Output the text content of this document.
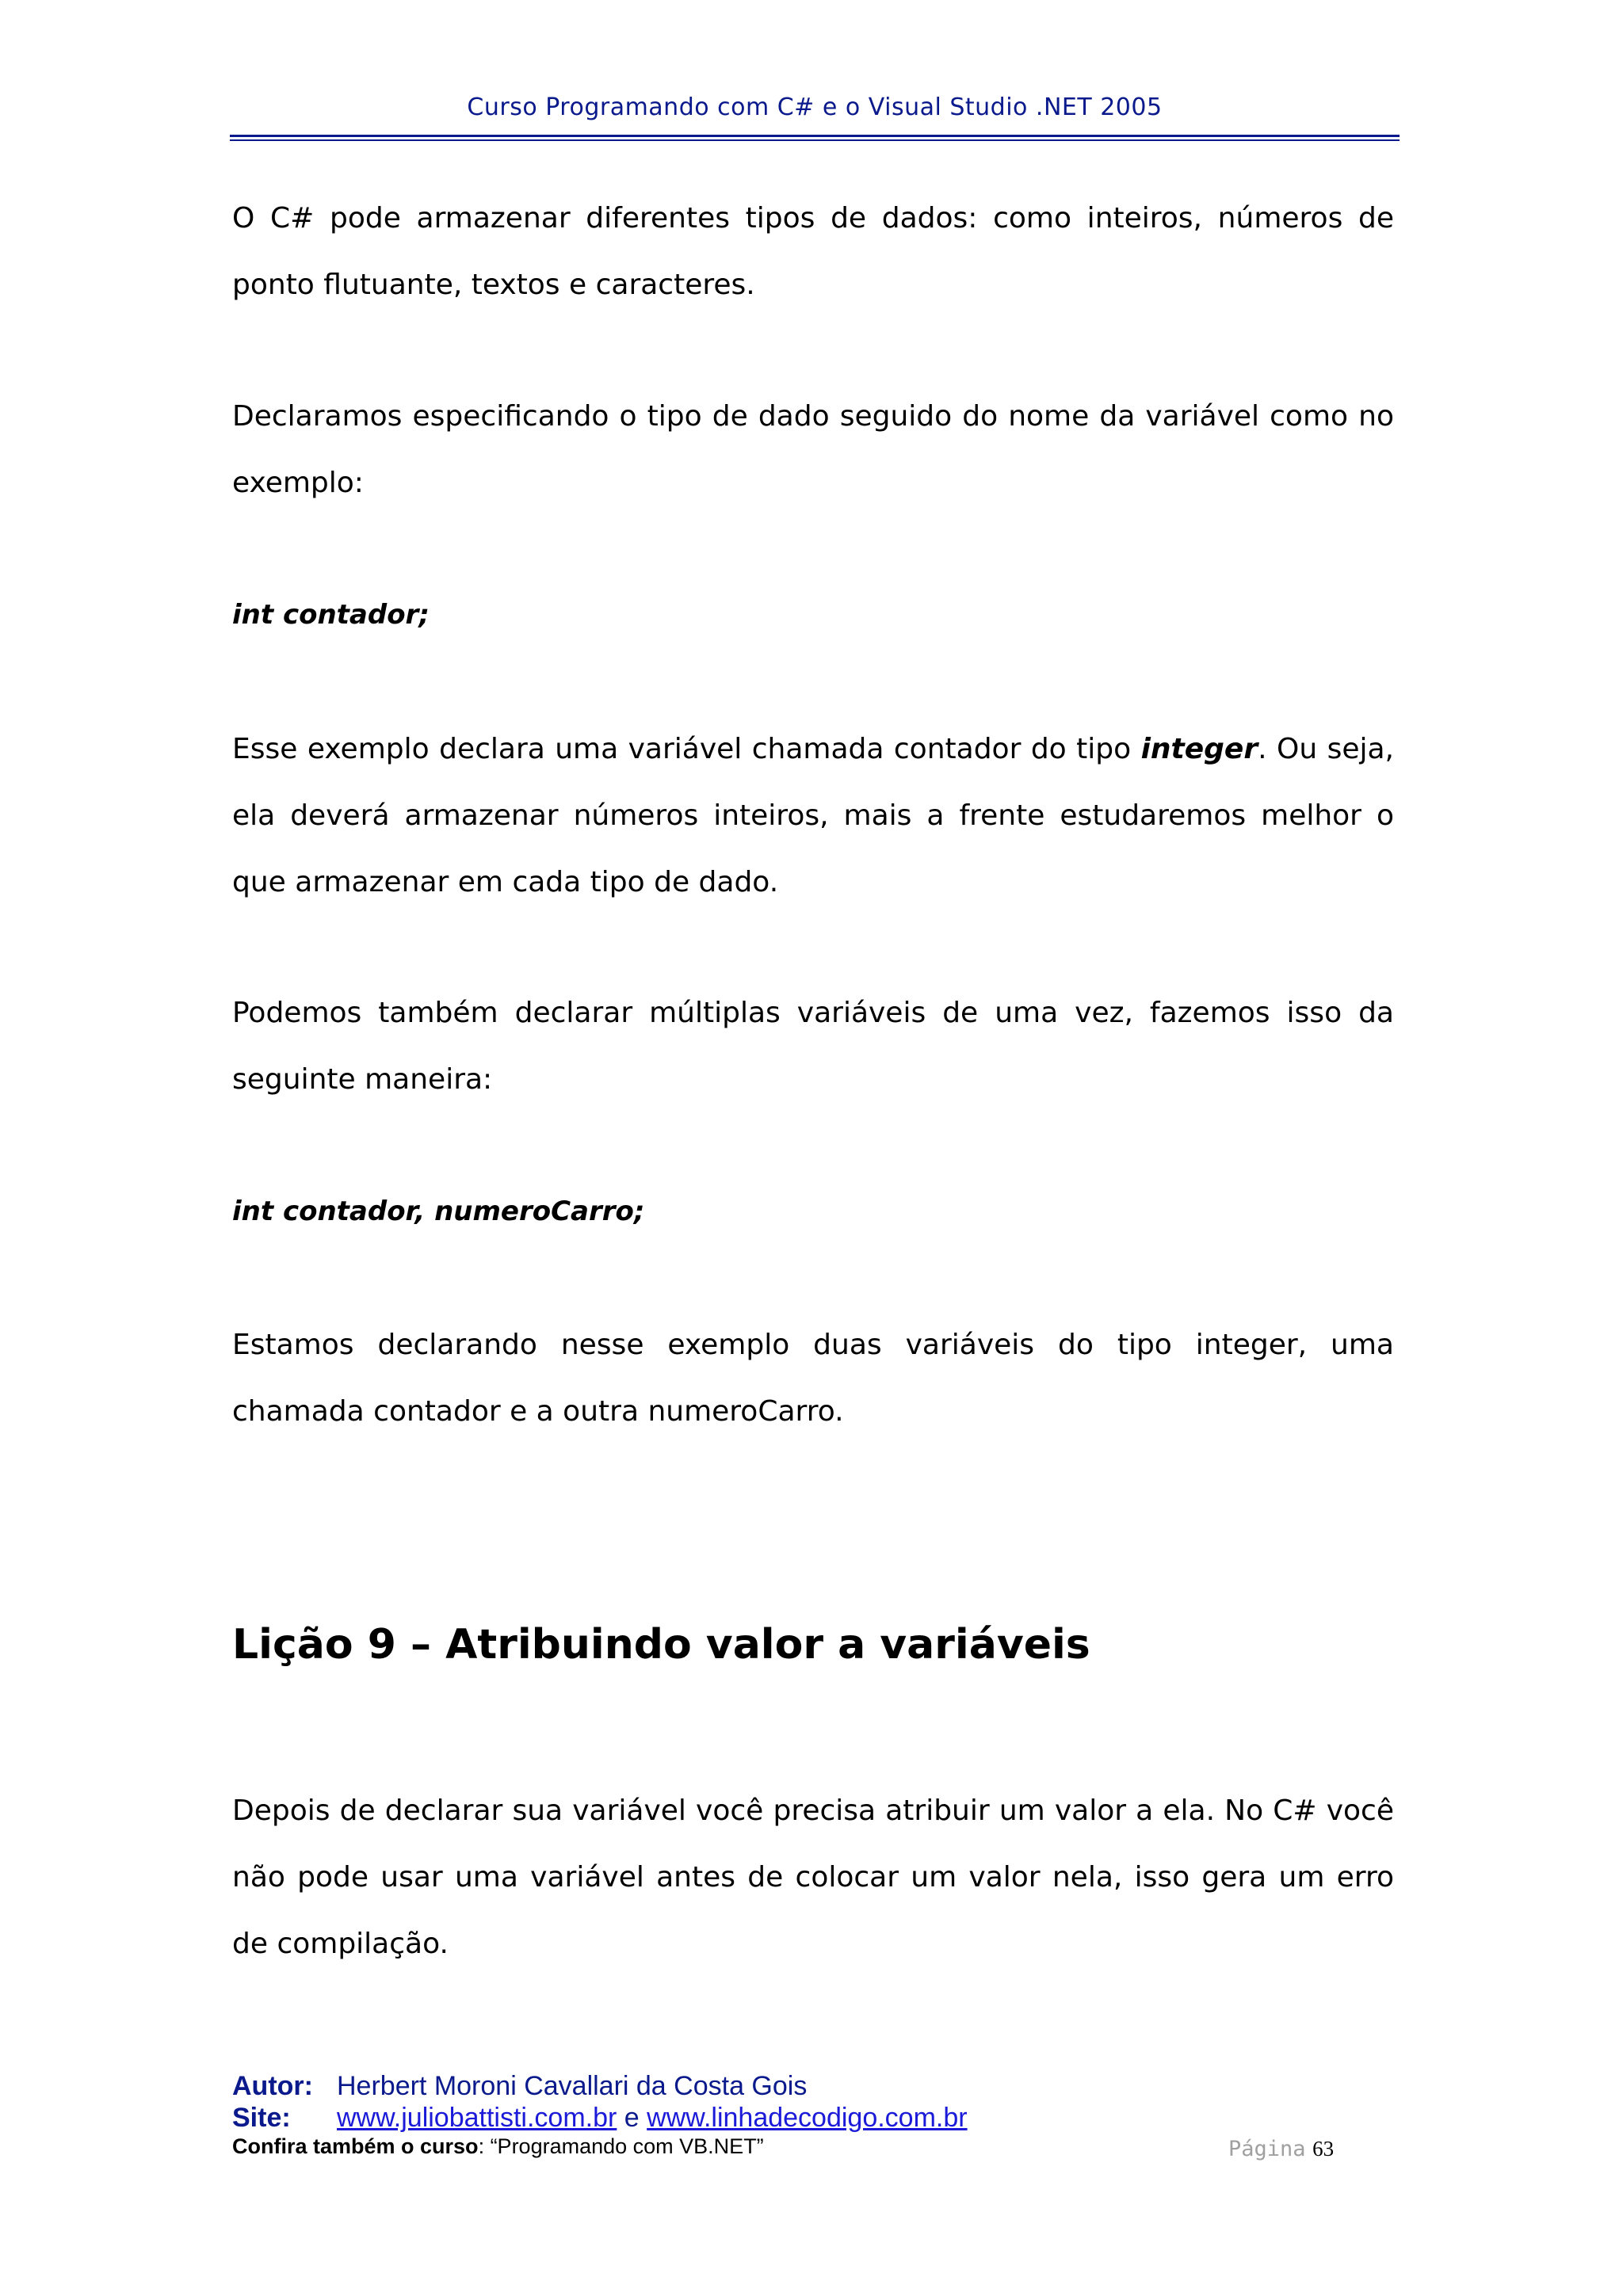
Curso Programando com C# e o Visual Studio .NET 2005
O C# pode armazenar diferentes tipos de dados: como inteiros, números de ponto flutuante, textos e caracteres.
Declaramos especificando o tipo de dado seguido do nome da variável como no exemplo:
int contador;
Esse exemplo declara uma variável chamada contador do tipo integer. Ou seja, ela deverá armazenar números inteiros, mais a frente estudaremos melhor o que armazenar em cada tipo de dado.
Podemos também declarar múltiplas variáveis de uma vez, fazemos isso da seguinte maneira:
int contador, numeroCarro;
Estamos declarando nesse exemplo duas variáveis do tipo integer, uma chamada contador e a outra numeroCarro.
Lição 9 – Atribuindo valor a variáveis
Depois de declarar sua variável você precisa atribuir um valor a ela. No C# você não pode usar uma variável antes de colocar um valor nela, isso gera um erro de compilação.
Autor: Herbert Moroni Cavallari da Costa Gois
Site: www.juliobattisti.com.br e www.linhadecodigo.com.br
Confira também o curso: “Programando com VB.NET”	Página 63
